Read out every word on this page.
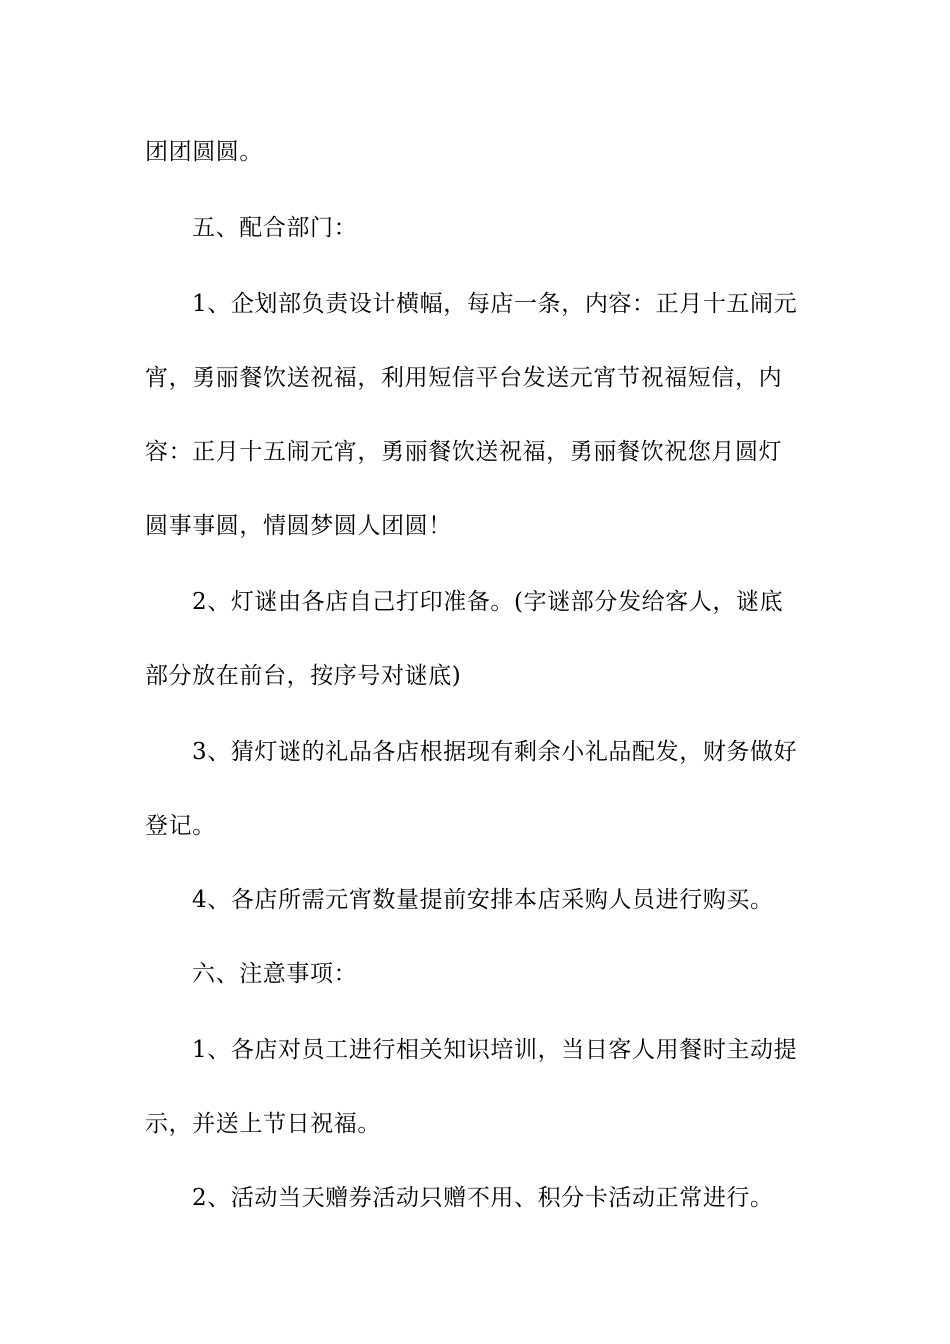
团团圆圆。
五、配合部门：
1、企划部负责设计横幅，每店一条，内容：正月十五闹元
宵，勇丽餐饮送祝福，利用短信平台发送元宵节祝福短信，内
容：正月十五闹元宵，勇丽餐饮送祝福，勇丽餐饮祝您月圆灯
圆事事圆，情圆梦圆人团圆！
2、灯谜由各店自己打印准备。(字谜部分发给客人，谜底
部分放在前台，按序号对谜底)
3、猜灯谜的礼品各店根据现有剩余小礼品配发，财务做好
登记。
4、各店所需元宵数量提前安排本店采购人员进行购买。
六、注意事项：
1、各店对员工进行相关知识培训，当日客人用餐时主动提
示，并送上节日祝福。
2、活动当天赠券活动只赠不用、积分卡活动正常进行。
